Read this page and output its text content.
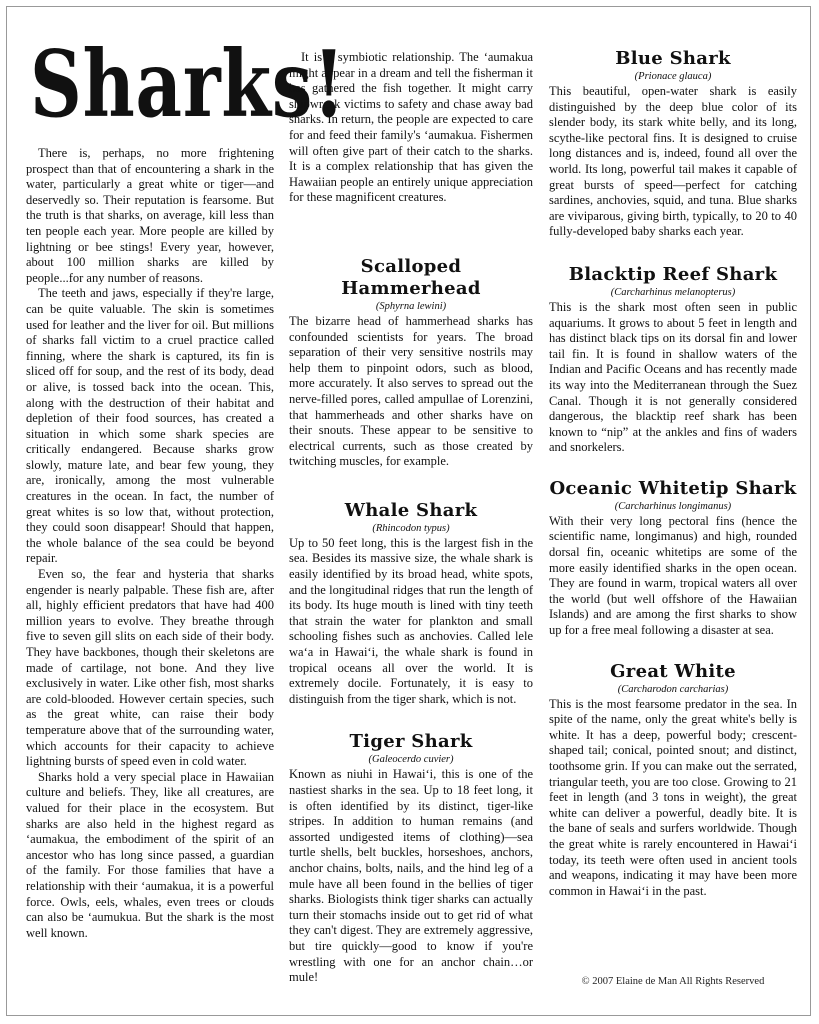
Sharks!

There is, perhaps, no more frightening prospect than that of encountering a shark in the water, particularly a great white or tiger—and deservedly so. Their reputation is fearsome. But the truth is that sharks, on average, kill less than ten people each year. More people are killed by lightning or bee stings! Every year, however, about 100 million sharks are killed by people...for any number of reasons.

The teeth and jaws, especially if they're large, can be quite valuable. The skin is sometimes used for leather and the liver for oil. But millions of sharks fall victim to a cruel practice called finning, where the shark is captured, its fin is sliced off for soup, and the rest of its body, dead or alive, is tossed back into the ocean. This, along with the destruction of their habitat and depletion of their food sources, has created a situation in which some shark species are critically endangered. Because sharks grow slowly, mature late, and bear few young, they are, ironically, among the most vulnerable creatures in the ocean. In fact, the number of great whites is so low that, without protection, they could soon disappear! Should that happen, the whole balance of the sea could be beyond repair.

Even so, the fear and hysteria that sharks engender is nearly palpable. These fish are, after all, highly efficient predators that have had 400 million years to evolve. They breathe through five to seven gill slits on each side of their body. They have backbones, though their skeletons are made of cartilage, not bone. And they live exclusively in water. Like other fish, most sharks are cold-blooded. However certain species, such as the great white, can raise their body temperature above that of the surrounding water, which accounts for their capacity to achieve lightning bursts of speed even in cold water.

Sharks hold a very special place in Hawaiian culture and beliefs. They, like all creatures, are valued for their place in the ecosystem. But sharks are also held in the highest regard as ʻaumakua, the embodiment of the spirit of an ancestor who has long since passed, a guardian of the family. For those families that have a relationship with their ʻaumakua, it is a powerful force. Owls, eels, whales, even trees or clouds can also be ʻaumukua. But the shark is the most well known.

It is a symbiotic relationship. The ʻaumakua might appear in a dream and tell the fisherman it has gathered the fish together. It might carry shipwreck victims to safety and chase away bad sharks. In return, the people are expected to care for and feed their family's ʻaumakua. Fishermen will often give part of their catch to the sharks. It is a complex relationship that has given the Hawaiian people an entirely unique appreciation for these magnificent creatures.

Scalloped Hammerhead
(Sphyrna lewini)

The bizarre head of hammerhead sharks has confounded scientists for years. The broad separation of their very sensitive nostrils may help them to pinpoint odors, such as blood, more accurately. It also serves to spread out the nerve-filled pores, called ampullae of Lorenzini, that hammerheads and other sharks have on their snouts. These appear to be sensitive to electrical currents, such as those created by twitching muscles, for example.

Whale Shark
(Rhincodon typus)

Up to 50 feet long, this is the largest fish in the sea. Besides its massive size, the whale shark is easily identified by its broad head, white spots, and the longitudinal ridges that run the length of its body. Its huge mouth is lined with tiny teeth that strain the water for plankton and small schooling fishes such as anchovies. Called lele waʻa in Hawaiʻi, the whale shark is found in tropical oceans all over the world. It is extremely docile. Fortunately, it is easy to distinguish from the tiger shark, which is not.

Tiger Shark
(Galeocerdo cuvier)

Known as niuhi in Hawaiʻi, this is one of the nastiest sharks in the sea. Up to 18 feet long, it is often identified by its distinct, tiger-like stripes. In addition to human remains (and assorted undigested items of clothing)—sea turtle shells, belt buckles, horseshoes, anchors, anchor chains, bolts, nails, and the hind leg of a mule have all been found in the bellies of tiger sharks. Biologists think tiger sharks can actually turn their stomachs inside out to get rid of what they can't digest. They are extremely aggressive, but tire quickly—good to know if you're wrestling with one for an anchor chain…or mule!

Blue Shark
(Prionace glauca)

This beautiful, open-water shark is easily distinguished by the deep blue color of its slender body, its stark white belly, and its long, scythe-like pectoral fins. It is designed to cruise long distances and is, indeed, found all over the world. Its long, powerful tail makes it capable of great bursts of speed—perfect for catching sardines, anchovies, squid, and tuna. Blue sharks are viviparous, giving birth, typically, to 20 to 40 fully-developed baby sharks each year.

Blacktip Reef Shark
(Carcharhinus melanopterus)

This is the shark most often seen in public aquariums. It grows to about 5 feet in length and has distinct black tips on its dorsal fin and lower tail fin. It is found in shallow waters of the Indian and Pacific Oceans and has recently made its way into the Mediterranean through the Suez Canal. Though it is not generally considered dangerous, the blacktip reef shark has been known to “nip” at the ankles and fins of waders and snorkelers.

Oceanic Whitetip Shark
(Carcharhinus longimanus)

With their very long pectoral fins (hence the scientific name, longimanus) and high, rounded dorsal fin, oceanic whitetips are some of the more easily identified sharks in the open ocean. They are found in warm, tropical waters all over the world (but well offshore of the Hawaiian Islands) and are among the first sharks to show up for a free meal following a disaster at sea.

Great White
(Carcharodon carcharias)

This is the most fearsome predator in the sea. In spite of the name, only the great white's belly is white. It has a deep, powerful body; crescent-shaped tail; conical, pointed snout; and distinct, toothsome grin. If you can make out the serrated, triangular teeth, you are too close. Growing to 21 feet in length (and 3 tons in weight), the great white can deliver a powerful, deadly bite. It is the bane of seals and surfers worldwide. Though the great white is rarely encountered in Hawaiʻi today, its teeth were often used in ancient tools and weapons, indicating it may have been more common in Hawaiʻi in the past.

© 2007 Elaine de Man All Rights Reserved
